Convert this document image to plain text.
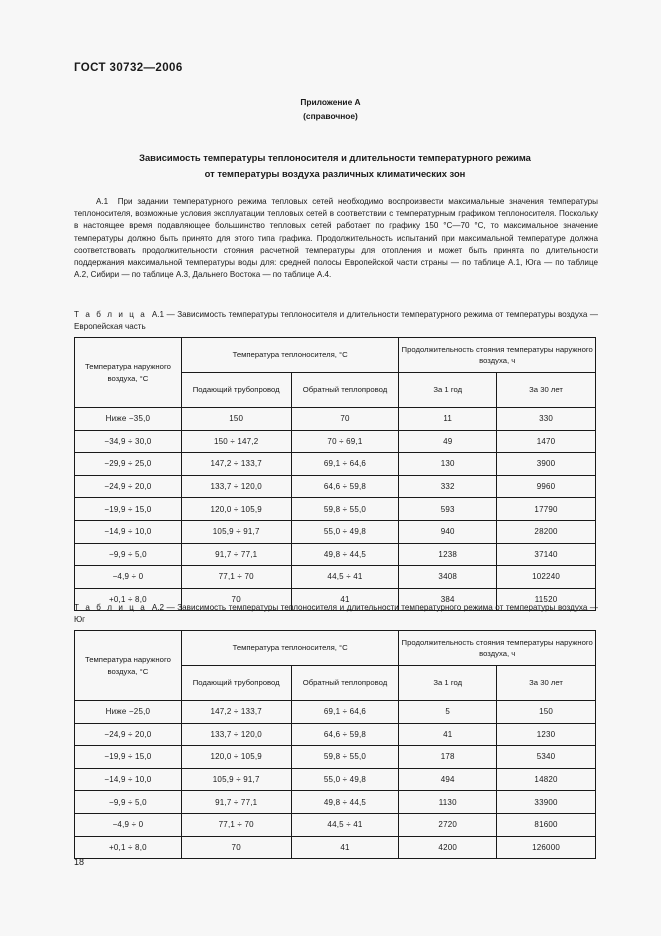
ГОСТ 30732—2006
Приложение А
(справочное)
Зависимость температуры теплоносителя и длительности температурного режима
от температуры воздуха различных климатических зон

А.1 При задании температурного режима тепловых сетей необходимо воспроизвести максимальные значения температуры теплоносителя, возможные условия эксплуатации тепловых сетей в соответствии с температурным графиком теплоносителя. Поскольку в настоящее время подавляющее большинство тепловых сетей работает по графику 150 °С—70 °С, то максимальное значение температуры должно быть принято для этого типа графика. Продолжительность испытаний при максимальной температуре должна соответствовать продолжительности стояния расчетной температуры для отопления и может быть принята по длительности поддержания максимальной температуры воды для: средней полосы Европейской части страны — по таблице А.1, Юга — по таблице А.2, Сибири — по таблице А.3, Дальнего Востока — по таблице А.4.

Т а б л и ц а А.1 — Зависимость температуры теплоносителя и длительности температурного режима от температуры воздуха — Европейская часть
Температура наружного воздуха, °С	Температура теплоносителя, °С		Продолжительность стояния температуры наружного воздуха, ч	
	Подающий трубопровод	Обратный теплопровод	За 1 год	За 30 лет
Ниже −35,0	150	70	11	330
−34,9 ÷ 30,0	150 ÷ 147,2	70 ÷ 69,1	49	1470
−29,9 ÷ 25,0	147,2 ÷ 133,7	69,1 ÷ 64,6	130	3900
−24,9 ÷ 20,0	133,7 ÷ 120,0	64,6 ÷ 59,8	332	9960
−19,9 ÷ 15,0	120,0 ÷ 105,9	59,8 ÷ 55,0	593	17790
−14,9 ÷ 10,0	105,9 ÷ 91,7	55,0 ÷ 49,8	940	28200
−9,9 ÷ 5,0	91,7 ÷ 77,1	49,8 ÷ 44,5	1238	37140
−4,9 ÷ 0	77,1 ÷ 70	44,5 ÷ 41	3408	102240
+0,1 ÷ 8,0	70	41	384	11520
Т а б л и ц а А.2 — Зависимость температуры теплоносителя и длительности температурного режима от температуры воздуха — Юг
Температура наружного воздуха, °С	Температура теплоносителя, °С		Продолжительность стояния температуры наружного воздуха, ч	
	Подающий трубопровод	Обратный теплопровод	За 1 год	За 30 лет
Ниже −25,0	147,2 ÷ 133,7	69,1 ÷ 64,6	5	150
−24,9 ÷ 20,0	133,7 ÷ 120,0	64,6 ÷ 59,8	41	1230
−19,9 ÷ 15,0	120,0 ÷ 105,9	59,8 ÷ 55,0	178	5340
−14,9 ÷ 10,0	105,9 ÷ 91,7	55,0 ÷ 49,8	494	14820
−9,9 ÷ 5,0	91,7 ÷ 77,1	49,8 ÷ 44,5	1130	33900
−4,9 ÷ 0	77,1 ÷ 70	44,5 ÷ 41	2720	81600
+0,1 ÷ 8,0	70	41	4200	126000
18
